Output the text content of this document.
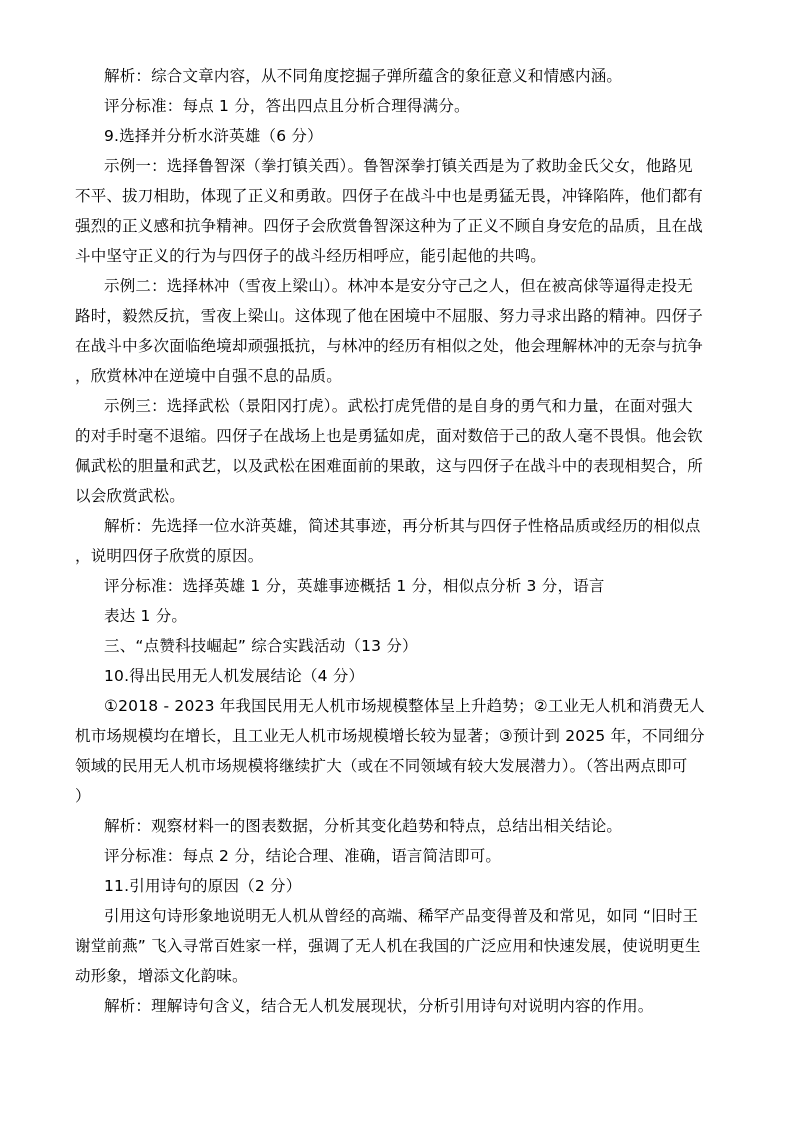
解析：综合文章内容，从不同角度挖掘子弹所蕴含的象征意义和情感内涵。
评分标准：每点 1 分，答出四点且分析合理得满分。
9.选择并分析水浒英雄（6 分）
示例一：选择鲁智深（拳打镇关西）。鲁智深拳打镇关西是为了救助金氏父女，他路见
不平、拔刀相助，体现了正义和勇敢。四伢子在战斗中也是勇猛无畏，冲锋陷阵，他们都有
强烈的正义感和抗争精神。四伢子会欣赏鲁智深这种为了正义不顾自身安危的品质，且在战
斗中坚守正义的行为与四伢子的战斗经历相呼应，能引起他的共鸣。
示例二：选择林冲（雪夜上梁山）。林冲本是安分守己之人，但在被高俅等逼得走投无
路时，毅然反抗，雪夜上梁山。这体现了他在困境中不屈服、努力寻求出路的精神。四伢子
在战斗中多次面临绝境却顽强抵抗，与林冲的经历有相似之处，他会理解林冲的无奈与抗争
，欣赏林冲在逆境中自强不息的品质。
示例三：选择武松（景阳冈打虎）。武松打虎凭借的是自身的勇气和力量，在面对强大
的对手时毫不退缩。四伢子在战场上也是勇猛如虎，面对数倍于己的敌人毫不畏惧。他会钦
佩武松的胆量和武艺，以及武松在困难面前的果敢，这与四伢子在战斗中的表现相契合，所
以会欣赏武松。
解析：先选择一位水浒英雄，简述其事迹，再分析其与四伢子性格品质或经历的相似点
，说明四伢子欣赏的原因。
评分标准：选择英雄 1 分，英雄事迹概括 1 分，相似点分析 3 分，语言
表达 1 分。
三、“点赞科技崛起” 综合实践活动（13 分）
10.得出民用无人机发展结论（4 分）
①2018 - 2023 年我国民用无人机市场规模整体呈上升趋势；②工业无人机和消费无人
机市场规模均在增长，且工业无人机市场规模增长较为显著；③预计到 2025 年，不同细分
领域的民用无人机市场规模将继续扩大（或在不同领域有较大发展潜力）。（答出两点即可
）
解析：观察材料一的图表数据，分析其变化趋势和特点，总结出相关结论。
评分标准：每点 2 分，结论合理、准确，语言简洁即可。
11.引用诗句的原因（2 分）
引用这句诗形象地说明无人机从曾经的高端、稀罕产品变得普及和常见，如同 “旧时王
谢堂前燕” 飞入寻常百姓家一样，强调了无人机在我国的广泛应用和快速发展，使说明更生
动形象，增添文化韵味。
解析：理解诗句含义，结合无人机发展现状，分析引用诗句对说明内容的作用。
